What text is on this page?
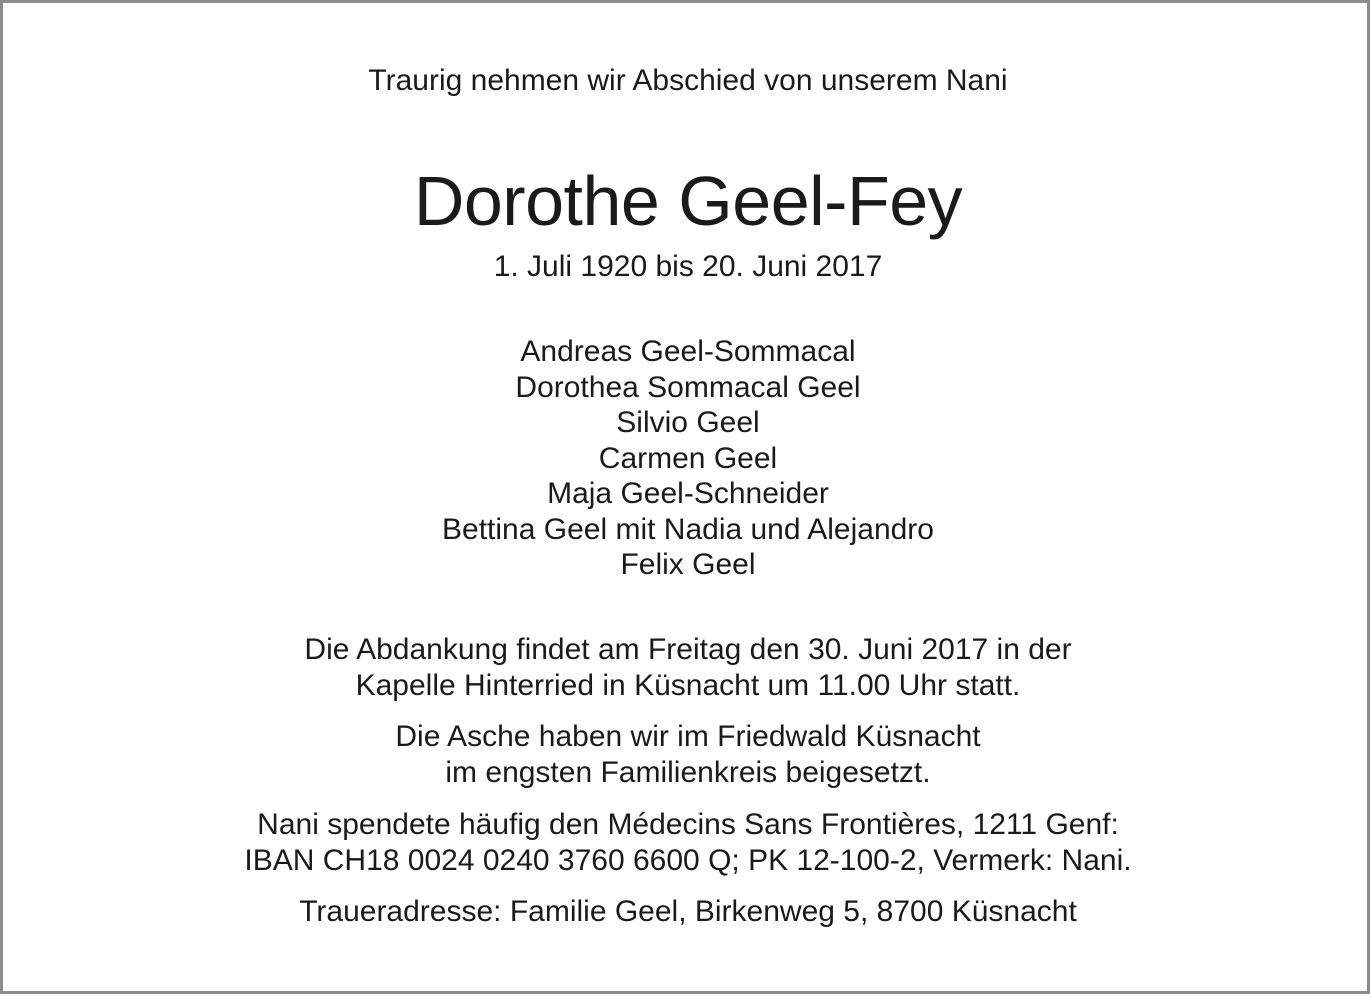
Traurig nehmen wir Abschied von unserem Nani
Dorothe Geel-Fey
1. Juli 1920 bis 20. Juni 2017
Andreas Geel-Sommacal
Dorothea Sommacal Geel
Silvio Geel
Carmen Geel
Maja Geel-Schneider
Bettina Geel mit Nadia und Alejandro
Felix Geel
Die Abdankung findet am Freitag den 30. Juni 2017 in der
Kapelle Hinterried in Küsnacht um 11.00 Uhr statt.
Die Asche haben wir im Friedwald Küsnacht
im engsten Familienkreis beigesetzt.
Nani spendete häufig den Médecins Sans Frontières, 1211 Genf:
IBAN CH18 0024 0240 3760 6600 Q; PK 12-100-2, Vermerk: Nani.
Traueradresse: Familie Geel, Birkenweg 5, 8700 Küsnacht
